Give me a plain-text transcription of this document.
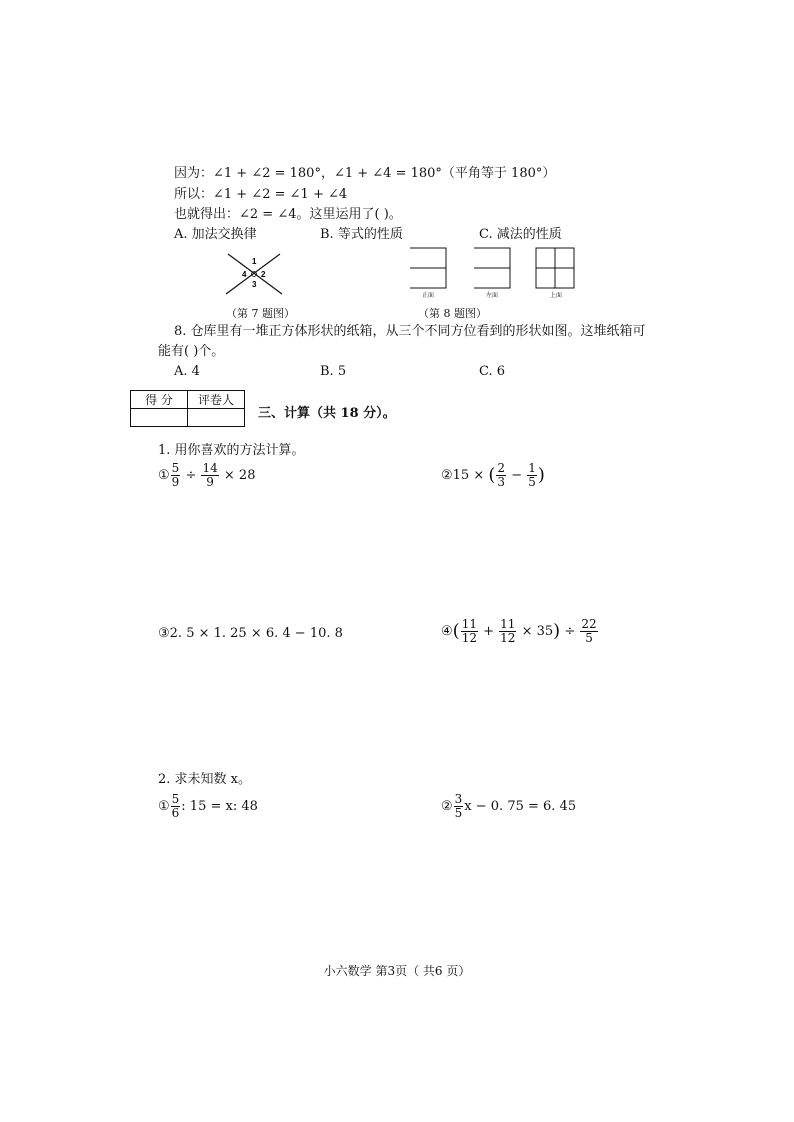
因为：∠1 + ∠2 = 180°，∠1 + ∠4 = 180°（平角等于 180°）
所以：∠1 + ∠2 = ∠1 + ∠4
也就得出：∠2 = ∠4。这里运用了( )。
A. 加法交换律	B. 等式的性质	C. 减法的性质
1
2
3
4
（第 7 题图）
正面	左面	上面
（第 8 题图）
8. 仓库里有一堆正方体形状的纸箱，从三个不同方位看到的形状如图。这堆纸箱可
能有( )个。
A. 4	B. 5	C. 6
得 分	评卷人

三、计算（共 18 分）。
1. 用你喜欢的方法计算。
① $\frac{5}{9} \div \frac{14}{9} \times 28$	②15 × ( $\frac{2}{3} - \frac{1}{5}$ )
③2. 5 × 1. 25 × 6. 4 − 10. 8	④( $\frac{11}{12} + \frac{11}{12} \times 35) \div \frac{22}{5}$
2. 求未知数 x。
① $\frac{5}{6}$ : 15 = x: 48	② $\frac{3}{5}$ x − 0. 75 = 6. 45
小六数学 第3页（ 共6 页）
